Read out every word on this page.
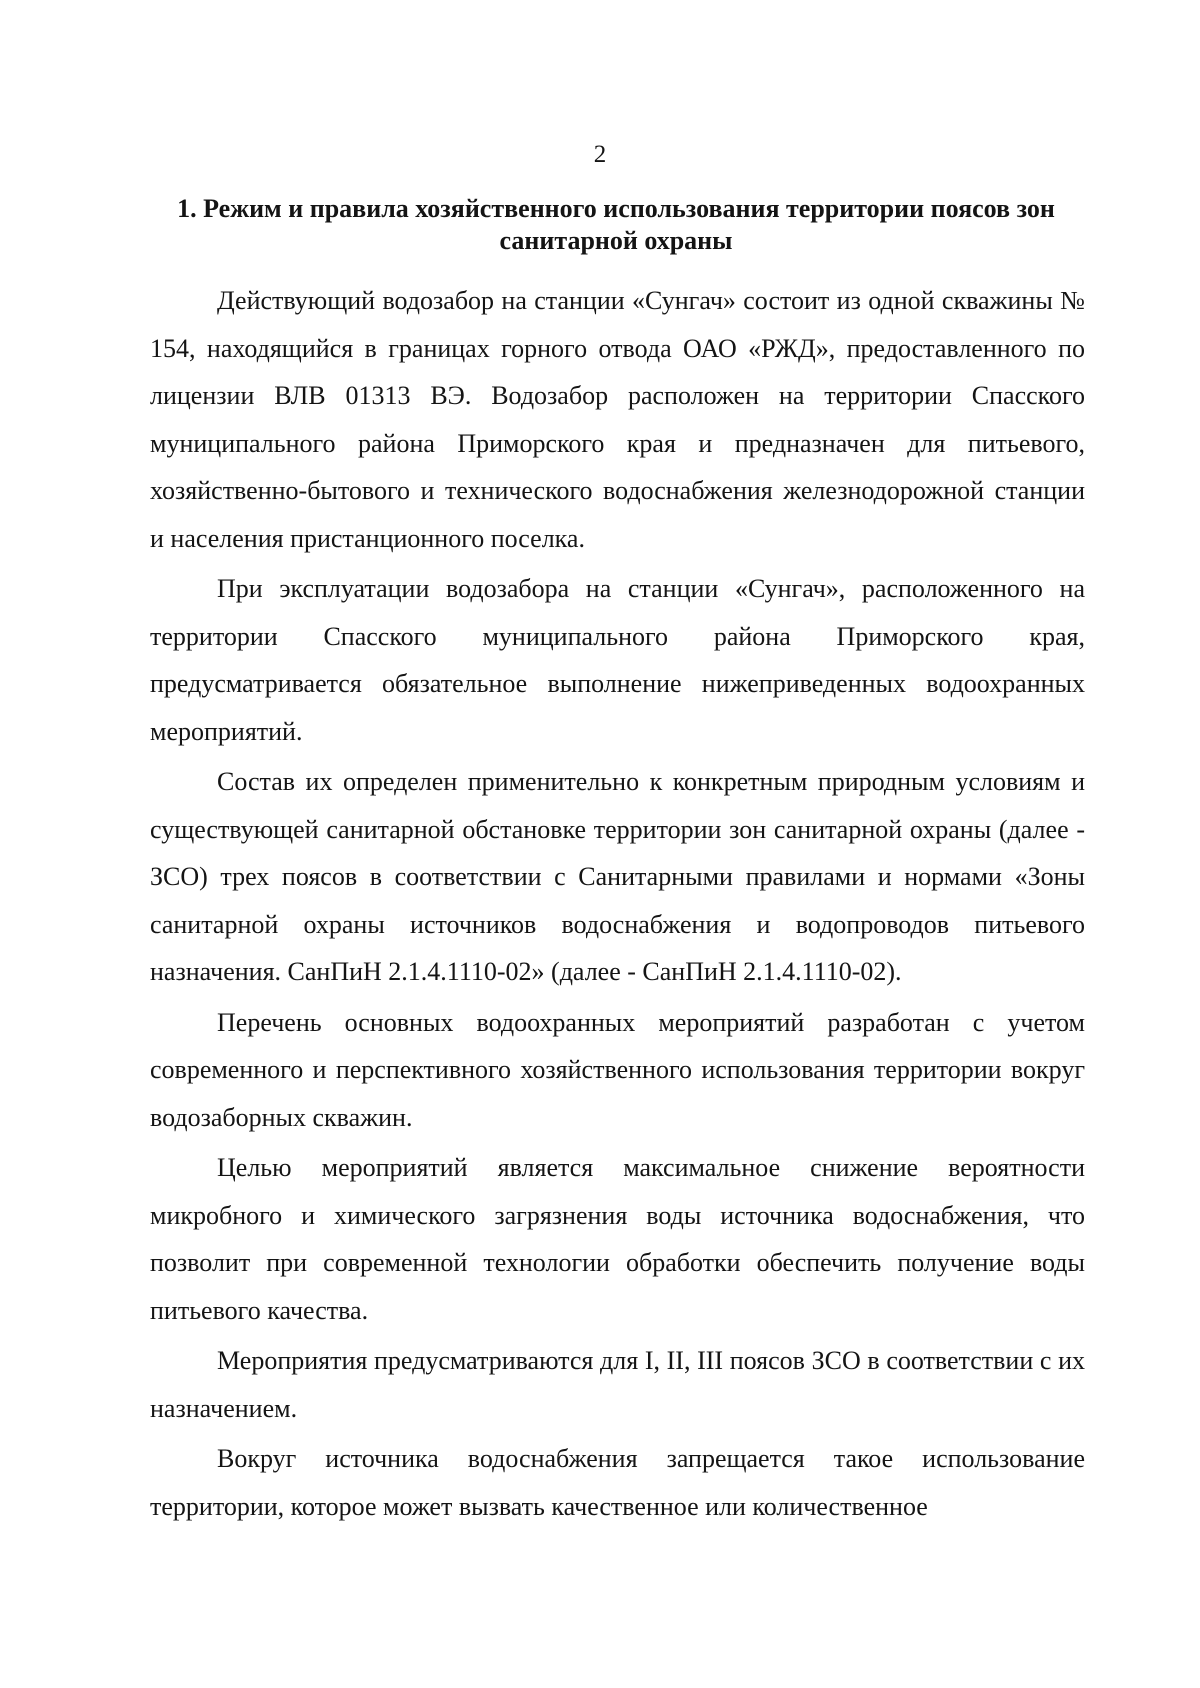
2

1. Режим и правила хозяйственного использования территории поясов зон санитарной охраны

Действующий водозабор на станции «Сунгач» состоит из одной скважины № 154, находящийся в границах горного отвода ОАО «РЖД», предоставленного по лицензии ВЛВ 01313 ВЭ. Водозабор расположен на территории Спасского муниципального района Приморского края и предназначен для питьевого, хозяйственно-бытового и технического водоснабжения железнодорожной станции и населения пристанционного поселка.

При эксплуатации водозабора на станции «Сунгач», расположенного на территории Спасского муниципального района Приморского края, предусматривается обязательное выполнение нижеприведенных водоохранных мероприятий.

Состав их определен применительно к конкретным природным условиям и существующей санитарной обстановке территории зон санитарной охраны (далее - ЗСО) трех поясов в соответствии с Санитарными правилами и нормами «Зоны санитарной охраны источников водоснабжения и водопроводов питьевого назначения. СанПиН 2.1.4.1110-02» (далее - СанПиН 2.1.4.1110-02).

Перечень основных водоохранных мероприятий разработан с учетом современного и перспективного хозяйственного использования территории вокруг водозаборных скважин.

Целью мероприятий является максимальное снижение вероятности микробного и химического загрязнения воды источника водоснабжения, что позволит при современной технологии обработки обеспечить получение воды питьевого качества.

Мероприятия предусматриваются для I, II, III поясов ЗСО в соответствии с их назначением.

Вокруг источника водоснабжения запрещается такое использование территории, которое может вызвать качественное или количественное
